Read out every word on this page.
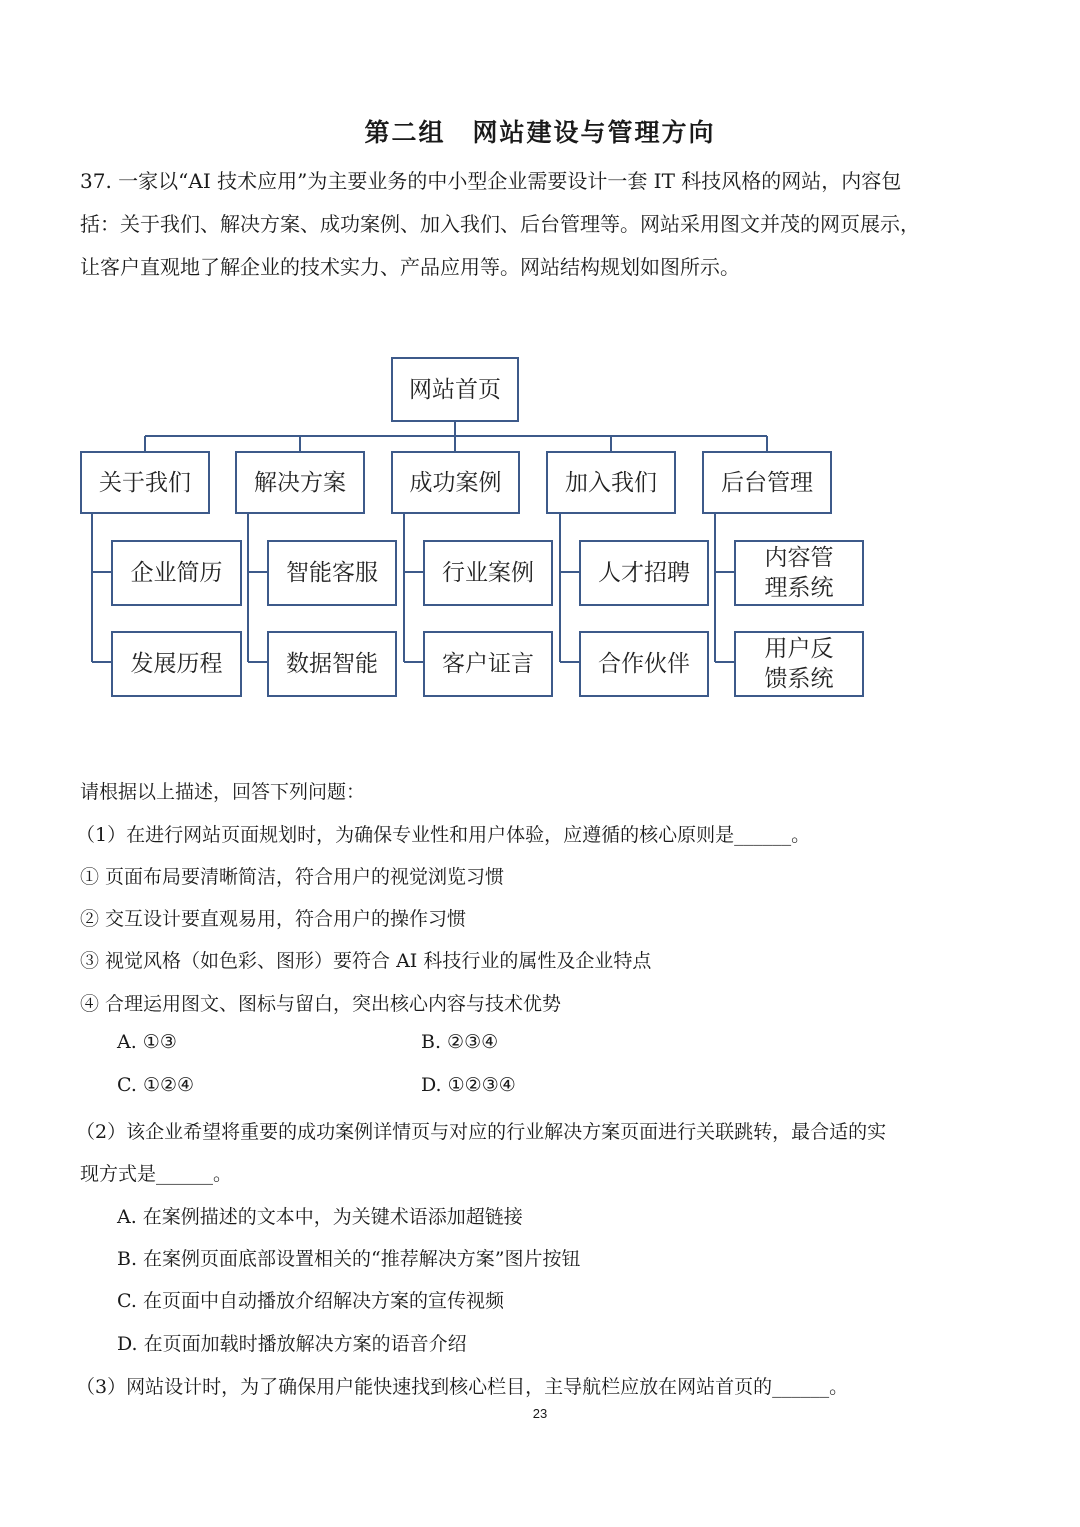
第二组　网站建设与管理方向
37. 一家以“AI 技术应用”为主要业务的中小型企业需要设计一套 IT 科技风格的网站，内容包
括：关于我们、解决方案、成功案例、加入我们、后台管理等。网站采用图文并茂的网页展示，
让客户直观地了解企业的技术实力、产品应用等。网站结构规划如图所示。
网站首页
关于我们	解决方案	成功案例	加入我们	后台管理
企业简历
发展历程
智能客服
数据智能
行业案例
客户证言
人才招聘
合作伙伴
内容管理系统
用户反馈系统
请根据以上描述，回答下列问题：
（1）在进行网站页面规划时，为确保专业性和用户体验，应遵循的核心原则是______。
① 页面布局要清晰简洁，符合用户的视觉浏览习惯
② 交互设计要直观易用，符合用户的操作习惯
③ 视觉风格（如色彩、图形）要符合 AI 科技行业的属性及企业特点
④ 合理运用图文、图标与留白，突出核心内容与技术优势
A. ①③	B. ②③④
C. ①②④	D. ①②③④
（2）该企业希望将重要的成功案例详情页与对应的行业解决方案页面进行关联跳转，最合适的实
现方式是______。
A. 在案例描述的文本中，为关键术语添加超链接
B. 在案例页面底部设置相关的“推荐解决方案”图片按钮
C. 在页面中自动播放介绍解决方案的宣传视频
D. 在页面加载时播放解决方案的语音介绍
（3）网站设计时，为了确保用户能快速找到核心栏目，主导航栏应放在网站首页的______。
23
